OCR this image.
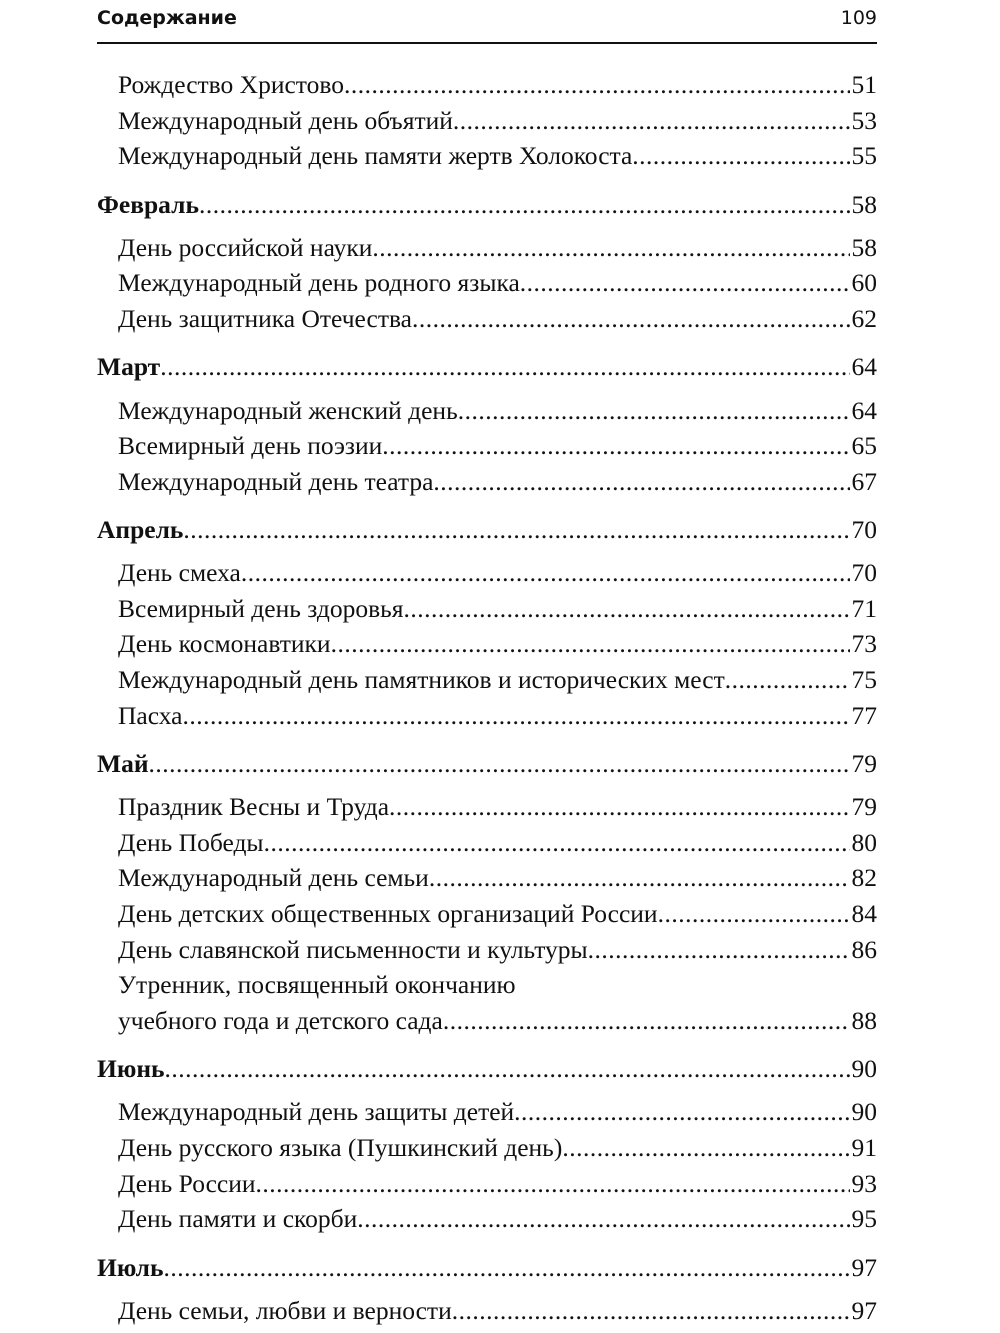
Содержание	109
Рождество Христово .....	51
Международный день объятий .....	53
Международный день памяти жертв Холокоста .....	55
Февраль .....	58
День российской науки .....	58
Международный день родного языка .....	60
День защитника Отечества .....	62
Март .....	64
Международный женский день .....	64
Всемирный день поэзии .....	65
Международный день театра .....	67
Апрель .....	70
День смеха .....	70
Всемирный день здоровья .....	71
День космонавтики .....	73
Международный день памятников и исторических мест .....	75
Пасха .....	77
Май .....	79
Праздник Весны и Труда .....	79
День Победы .....	80
Международный день семьи .....	82
День детских общественных организаций России .....	84
День славянской письменности и культуры .....	86
Утренник, посвященный окончанию
учебного года и детского сада .....	88
Июнь .....	90
Международный день защиты детей .....	90
День русского языка (Пушкинский день) .....	91
День России .....	93
День памяти и скорби .....	95
Июль .....	97
День семьи, любви и верности .....	97
